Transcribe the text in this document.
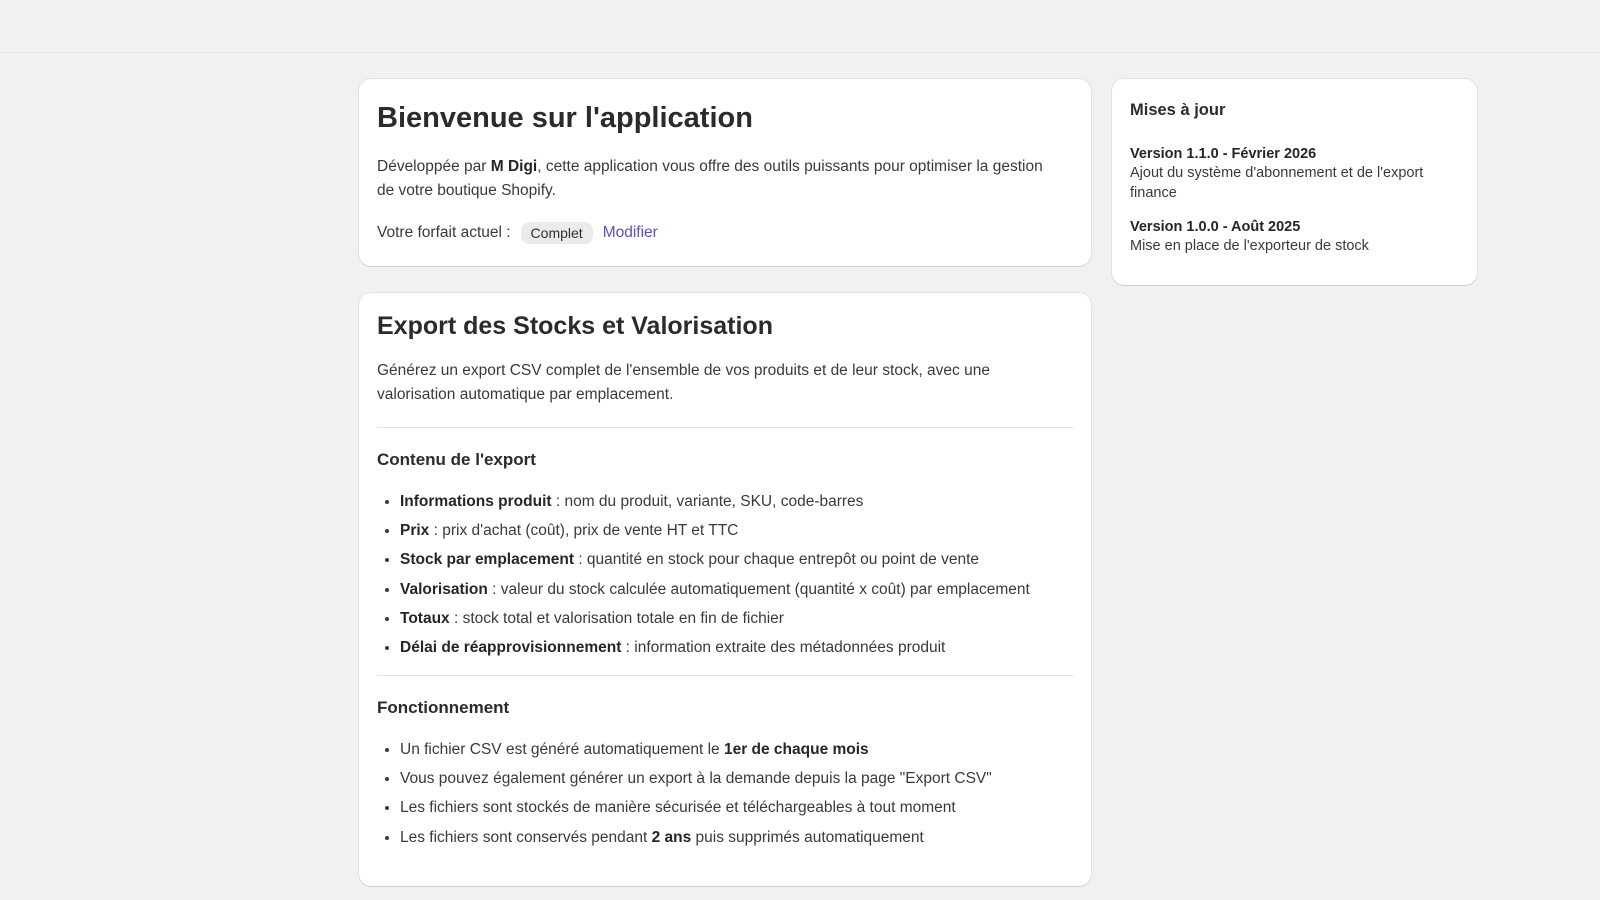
Bienvenue sur l'application

Développée par M Digi, cette application vous offre des outils puissants pour optimiser la gestion de votre boutique Shopify.

Votre forfait actuel :	Complet	Modifier
Export des Stocks et Valorisation

Générez un export CSV complet de l'ensemble de vos produits et de leur stock, avec une valorisation automatique par emplacement.

Contenu de l'export
• Informations produit : nom du produit, variante, SKU, code-barres
• Prix : prix d'achat (coût), prix de vente HT et TTC
• Stock par emplacement : quantité en stock pour chaque entrepôt ou point de vente
• Valorisation : valeur du stock calculée automatiquement (quantité x coût) par emplacement
• Totaux : stock total et valorisation totale en fin de fichier
• Délai de réapprovisionnement : information extraite des métadonnées produit
Fonctionnement
• Un fichier CSV est généré automatiquement le 1er de chaque mois
• Vous pouvez également générer un export à la demande depuis la page "Export CSV"
• Les fichiers sont stockés de manière sécurisée et téléchargeables à tout moment
• Les fichiers sont conservés pendant 2 ans puis supprimés automatiquement
Mises à jour
Version 1.1.0 - Février 2026
Ajout du système d'abonnement et de l'export finance
Version 1.0.0 - Août 2025
Mise en place de l'exporteur de stock
